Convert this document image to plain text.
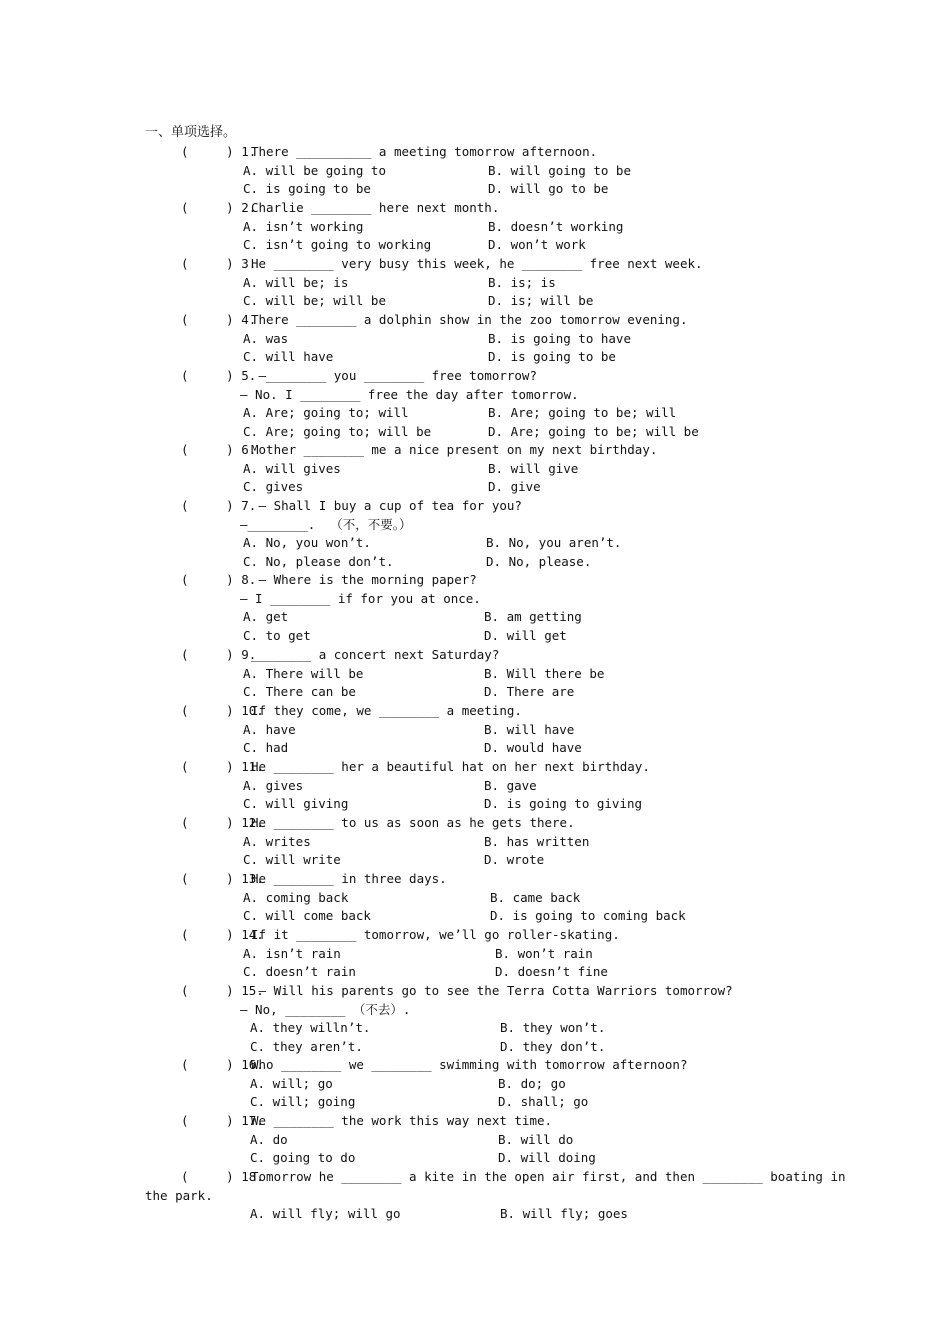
一、单项选择。
(     ) 1.
There __________ a meeting tomorrow afternoon.
A. will be going to	B. will going to be
C. is going to be	D. will go to be
(     ) 2.
Charlie ________ here next month.
A. isn’t working	B. doesn’t working
C. isn’t going to working	D. won’t work
(     ) 3.
He ________ very busy this week, he ________ free next week.
A. will be; is	B. is; is
C. will be; will be	D. is; will be
(     ) 4.
There ________ a dolphin show in the zoo tomorrow evening.
A. was	B. is going to have
C. will have	D. is going to be
(     ) 5.
–________ you ________ free tomorrow?
– No. I ________ free the day after tomorrow.
A. Are; going to; will	B. Are; going to be; will
C. Are; going to; will be	D. Are; going to be; will be
(     ) 6.
Mother ________ me a nice present on my next birthday.
A. will gives	B. will give
C. gives	D. give
(     ) 7.
– Shall I buy a cup of tea for you?
–________.  （不，不要。）
A. No, you won’t.	B. No, you aren’t.
C. No, please don’t.	D. No, please.
(     ) 8.
– Where is the morning paper?
– I ________ if for you at once.
A. get	B. am getting
C. to get	D. will get
(     ) 9.
________ a concert next Saturday?
A. There will be	B. Will there be
C. There can be	D. There are
(     ) 10.
If they come, we ________ a meeting.
A. have	B. will have
C. had	D. would have
(     ) 11.
He ________ her a beautiful hat on her next birthday.
A. gives	B. gave
C. will giving	D. is going to giving
(     ) 12.
He ________ to us as soon as he gets there.
A. writes	B. has written
C. will write	D. wrote
(     ) 13.
He ________ in three days.
A. coming back	B. came back
C. will come back	D. is going to coming back
(     ) 14.
If it ________ tomorrow, we’ll go roller-skating.
A. isn’t rain	B. won’t rain
C. doesn’t rain	D. doesn’t fine
(     ) 15.
– Will his parents go to see the Terra Cotta Warriors tomorrow?
– No, ________ （不去）.
A. they willn’t.	B. they won’t.
C. they aren’t.	D. they don’t.
(     ) 16.
Who ________ we ________ swimming with tomorrow afternoon?
A. will; go	B. do; go
C. will; going	D. shall; go
(     ) 17.
We ________ the work this way next time.
A. do	B. will do
C. going to do	D. will doing
(     ) 18.
Tomorrow he ________ a kite in the open air first, and then ________ boating in
the park.
A. will fly; will go	B. will fly; goes
